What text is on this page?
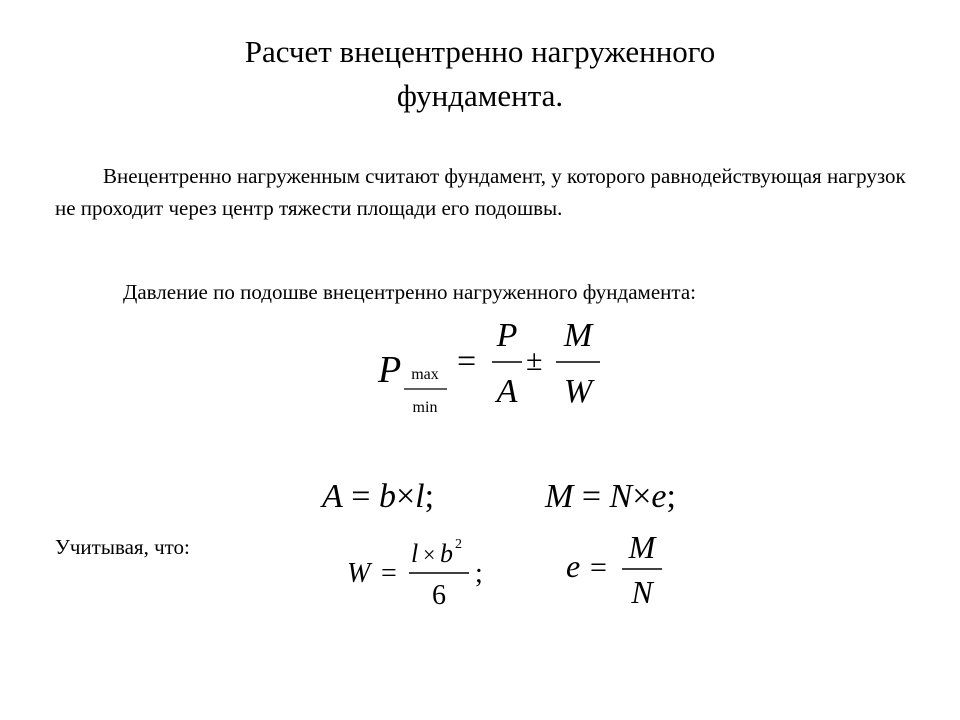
Расчет внецентренно нагруженного
фундамента.
Внецентренно нагруженным считают фундамент, у которого равнодействующая нагрузок не проходит через центр тяжести площади его подошвы.
Давление по подошве внецентренно нагруженного фундамента:
P max
min
=
P
A
±
M
W
A = b×l;	M = N×e;
Учитывая, что:
W =
l × b 2
6
;	e =
M
N
